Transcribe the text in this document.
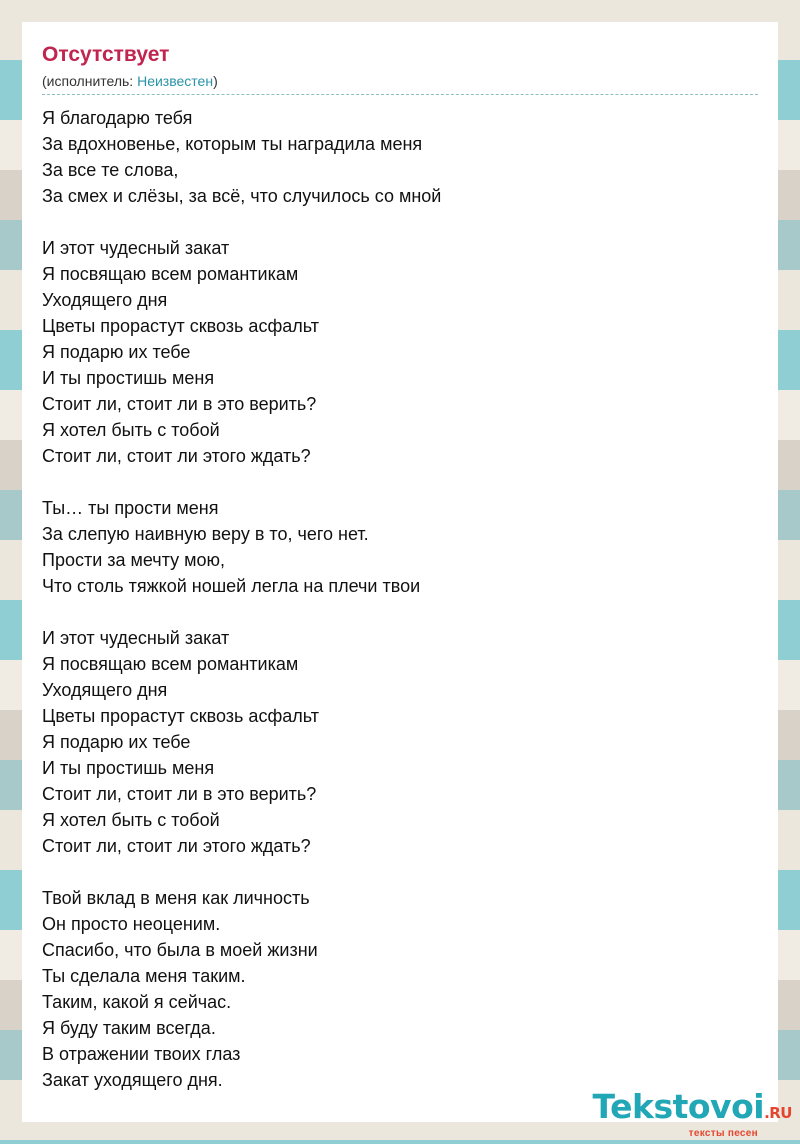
Отсутствует
(исполнитель: Неизвестен)
Я благодарю тебя
За вдохновенье, которым ты наградила меня
За все те слова,
За смех и слёзы, за всё, что случилось со мной
И этот чудесный закат
Я посвящаю всем романтикам
Уходящего дня
Цветы прорастут сквозь асфальт
Я подарю их тебе
И ты простишь меня
Стоит ли, стоит ли в это верить?
Я хотел быть с тобой
Стоит ли, стоит ли этого ждать?
Ты… ты прости меня
За слепую наивную веру в то, чего нет.
Прости за мечту мою,
Что столь тяжкой ношей легла на плечи твои
И этот чудесный закат
Я посвящаю всем романтикам
Уходящего дня
Цветы прорастут сквозь асфальт
Я подарю их тебе
И ты простишь меня
Стоит ли, стоит ли в это верить?
Я хотел быть с тобой
Стоит ли, стоит ли этого ждать?
Твой вклад в меня как личность
Он просто неоценим.
Спасибо, что была в моей жизни
Ты сделала меня таким.
Таким, какой я сейчас.
Я буду таким всегда.
В отражении твоих глаз
Закат уходящего дня.
Tekstovoi.RU
тексты песен
